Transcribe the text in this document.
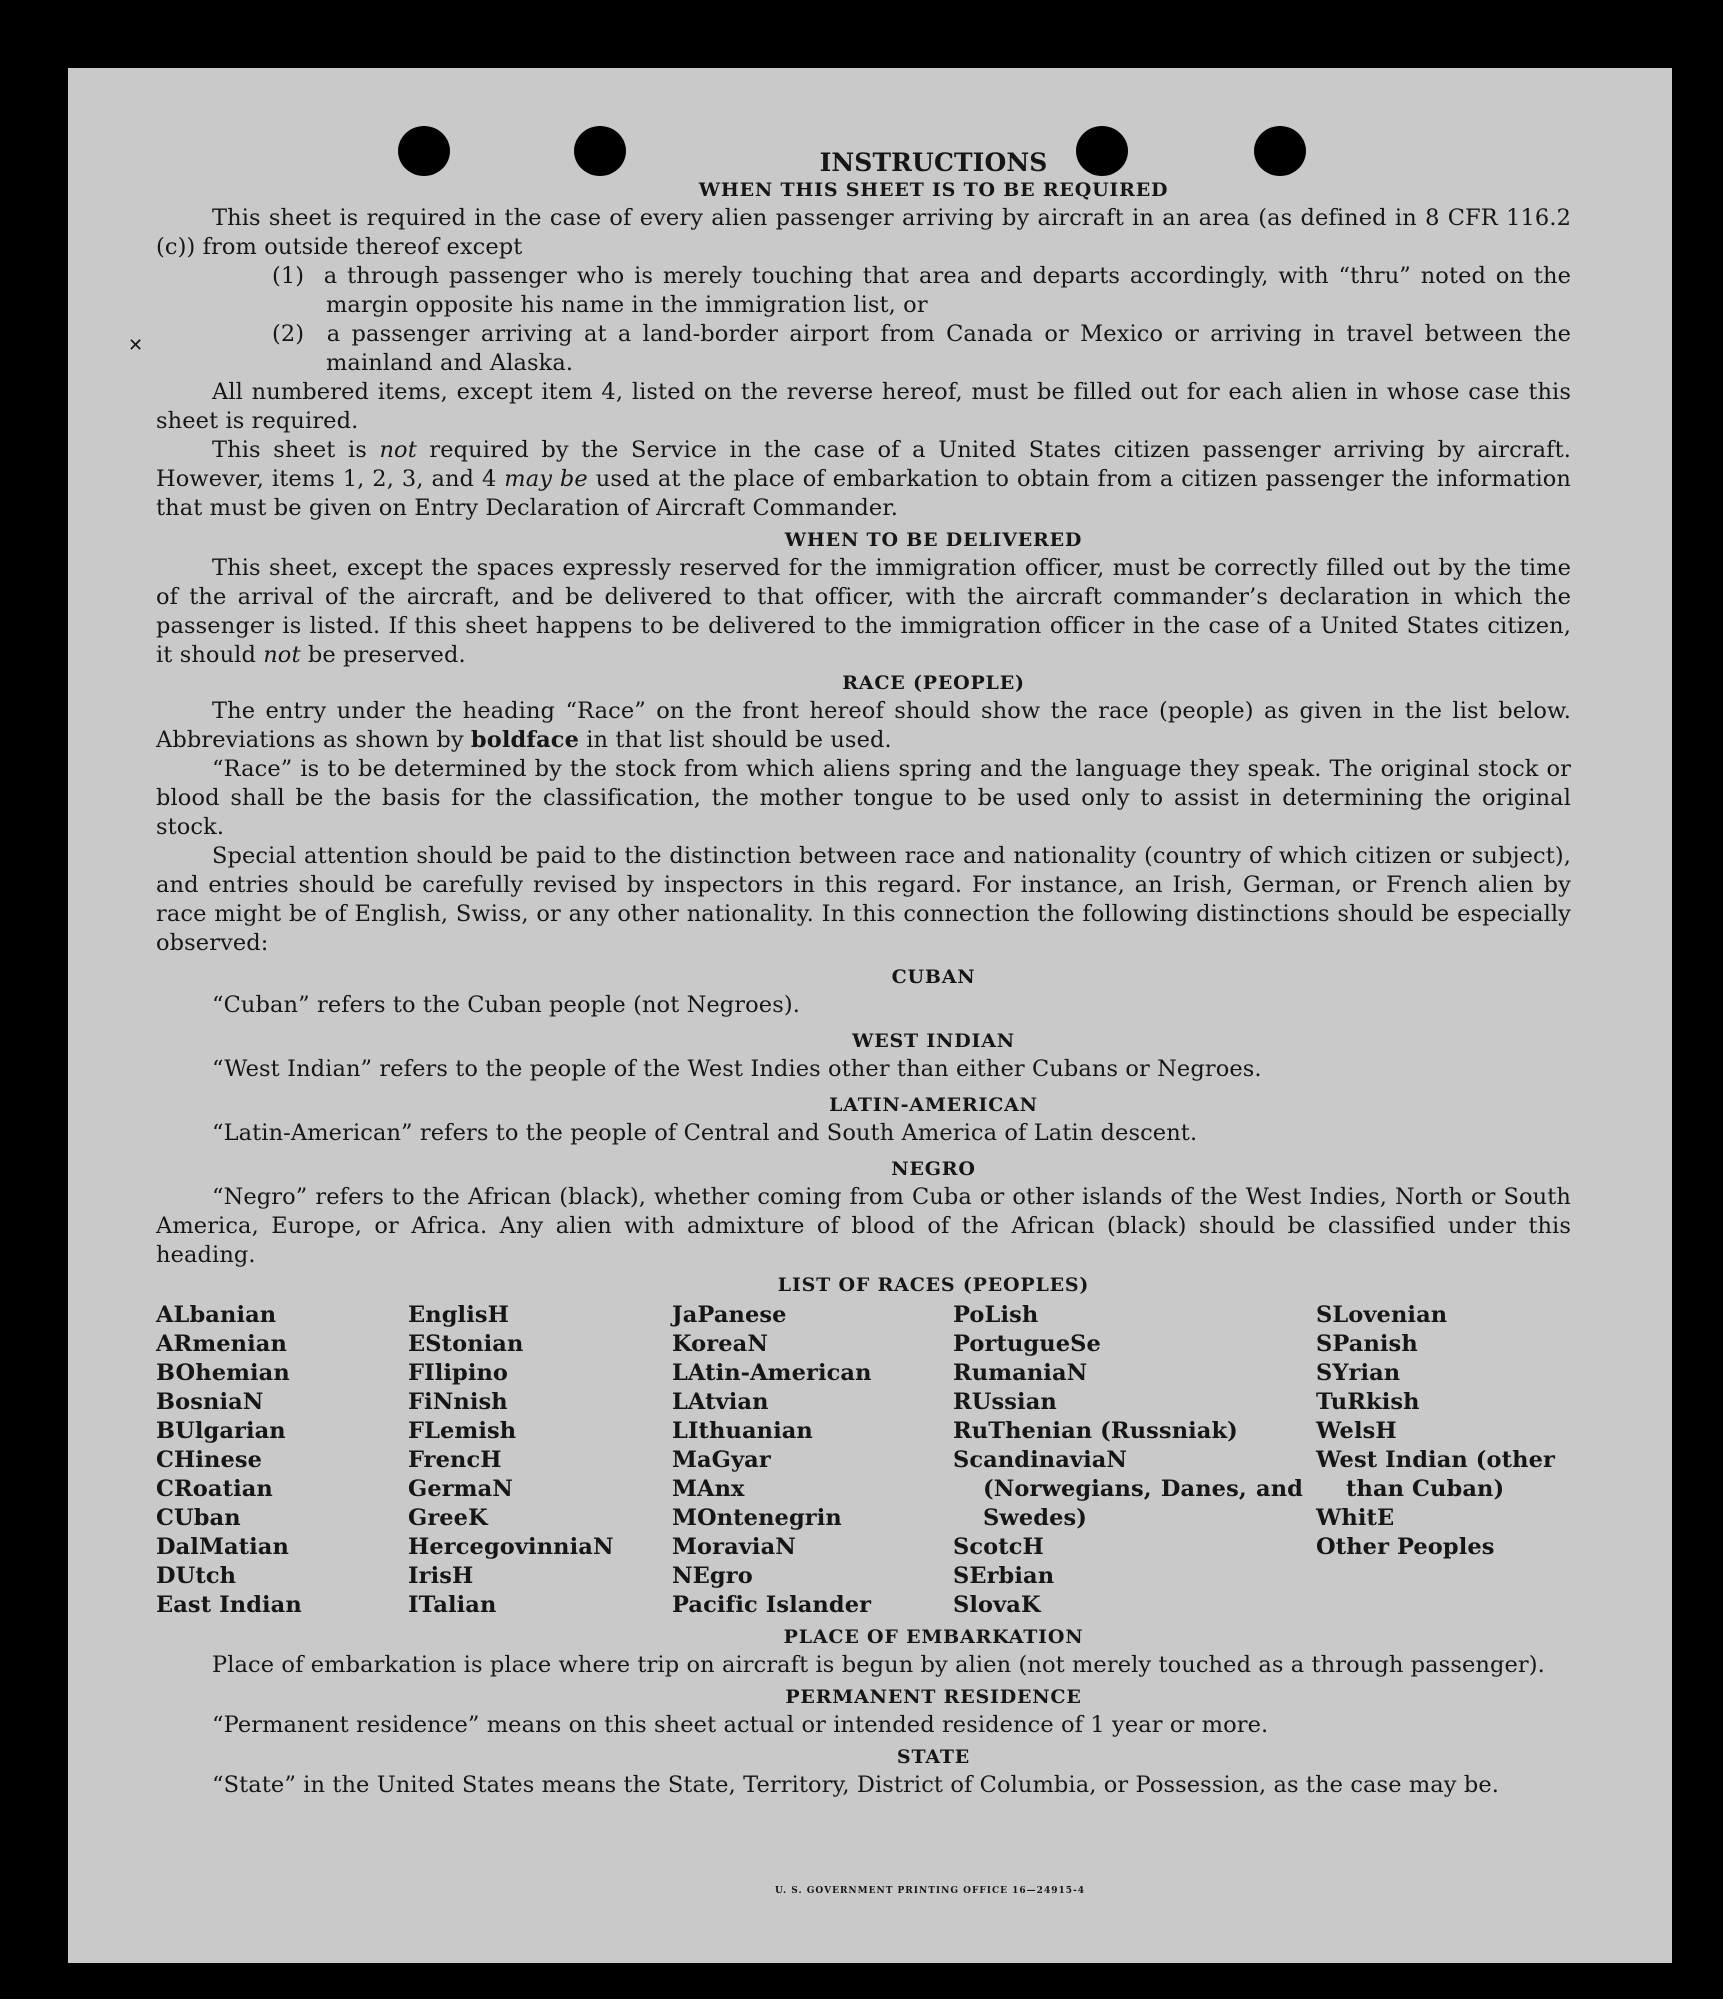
✕
INSTRUCTIONS
WHEN THIS SHEET IS TO BE REQUIRED

This sheet is required in the case of every alien passenger arriving by aircraft in an area (as defined in 8 CFR 116.2 (c)) from outside thereof except

(1) a through passenger who is merely touching that area and departs accordingly, with “thru” noted on the margin opposite his name in the immigration list, or

(2) a passenger arriving at a land-border airport from Canada or Mexico or arriving in travel between the mainland and Alaska.

All numbered items, except item 4, listed on the reverse hereof, must be filled out for each alien in whose case this sheet is required.

This sheet is not required by the Service in the case of a United States citizen passenger arriving by aircraft. However, items 1, 2, 3, and 4 may be used at the place of embarkation to obtain from a citizen passenger the information that must be given on Entry Declaration of Aircraft Commander.

WHEN TO BE DELIVERED

This sheet, except the spaces expressly reserved for the immigration officer, must be correctly filled out by the time of the arrival of the aircraft, and be delivered to that officer, with the aircraft commander’s declaration in which the passenger is listed. If this sheet happens to be delivered to the immigration officer in the case of a United States citizen, it should not be preserved.

RACE (PEOPLE)

The entry under the heading “Race” on the front hereof should show the race (people) as given in the list below. Abbreviations as shown by boldface in that list should be used.

“Race” is to be determined by the stock from which aliens spring and the language they speak. The original stock or blood shall be the basis for the classification, the mother tongue to be used only to assist in determining the original stock.

Special attention should be paid to the distinction between race and nationality (country of which citizen or subject), and entries should be carefully revised by inspectors in this regard. For instance, an Irish, German, or French alien by race might be of English, Swiss, or any other nationality. In this connection the following distinctions should be especially observed:

CUBAN

“Cuban” refers to the Cuban people (not Negroes).

WEST INDIAN

“West Indian” refers to the people of the West Indies other than either Cubans or Negroes.

LATIN-AMERICAN

“Latin-American” refers to the people of Central and South America of Latin descent.

NEGRO

“Negro” refers to the African (black), whether coming from Cuba or other islands of the West Indies, North or South America, Europe, or Africa. Any alien with admixture of blood of the African (black) should be classified under this heading.

LIST OF RACES (PEOPLES)
ALbanian
ARmenian
BOhemian
BosniaN
BUlgarian
CHinese
CRoatian
CUban
DalMatian
DUtch
East Indian
EnglisH
EStonian
FIlipino
FiNnish
FLemish
FrencH
GermaN
GreeK
HercegovinniaN
IrisH
ITalian
JaPanese
KoreaN
LAtin-American
LAtvian
LIthuanian
MaGyar
MAnx
MOntenegrin
MoraviaN
NEgro
Pacific Islander
PoLish
PortugueSe
RumaniaN
RUssian
RuThenian (Russniak)
ScandinaviaN (Norwegians, Danes, and Swedes)
ScotcH
SErbian
SlovaK
SLovenian
SPanish
SYrian
TuRkish
WelsH
West Indian (other than Cuban)
WhitE
Other Peoples
PLACE OF EMBARKATION

Place of embarkation is place where trip on aircraft is begun by alien (not merely touched as a through passenger).

PERMANENT RESIDENCE

“Permanent residence” means on this sheet actual or intended residence of 1 year or more.

STATE

“State” in the United States means the State, Territory, District of Columbia, or Possession, as the case may be.

U. S. GOVERNMENT PRINTING OFFICE 16—24915-4
